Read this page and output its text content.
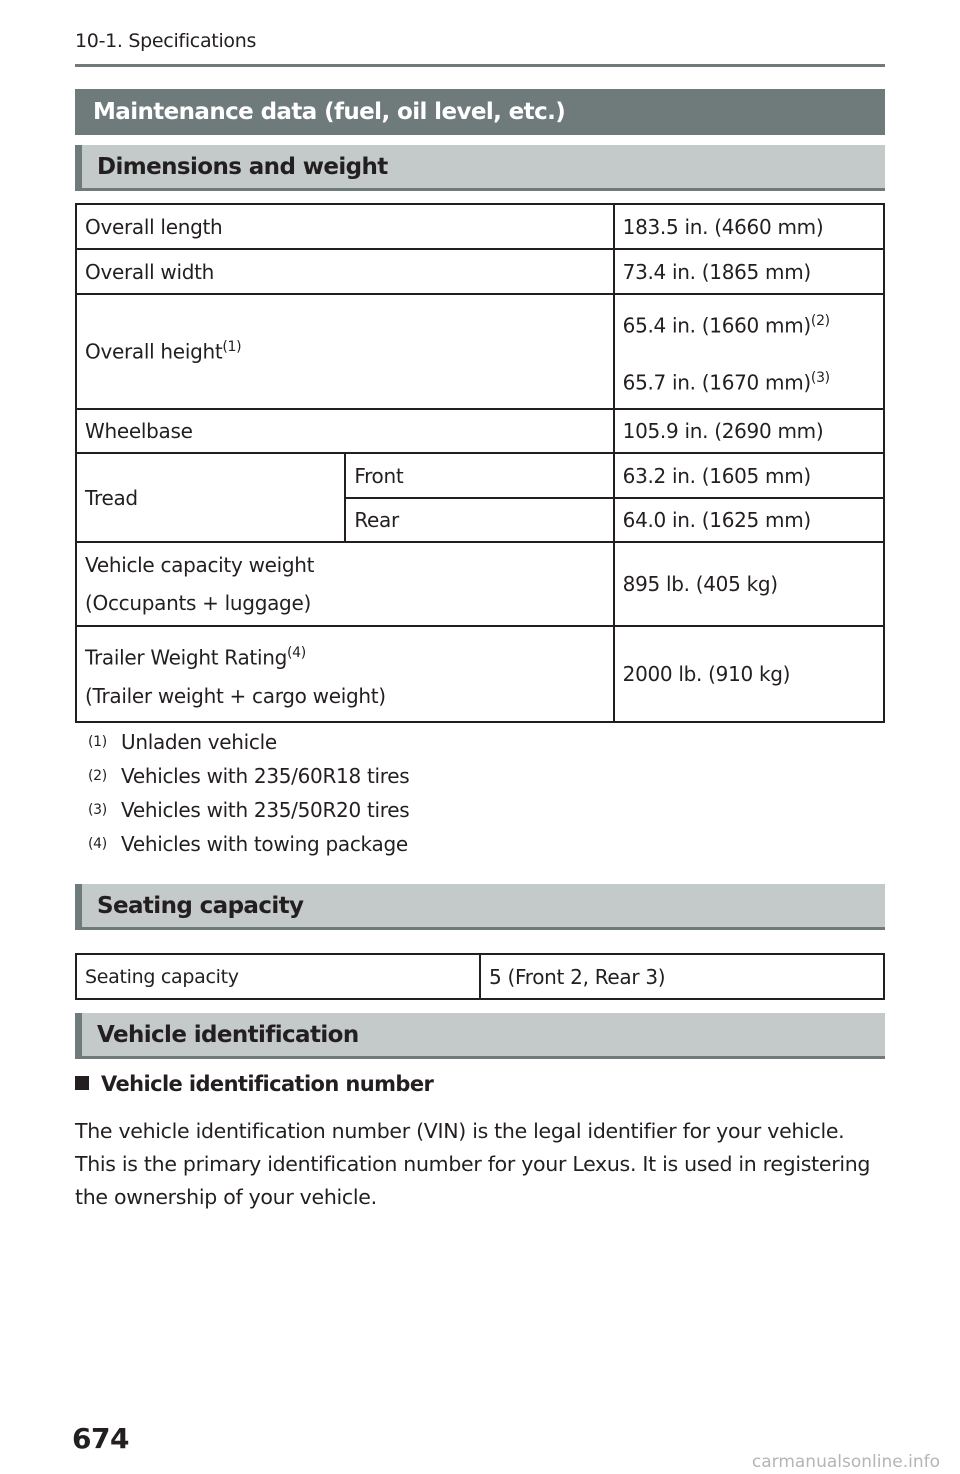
10-1. Specifications
Maintenance data (fuel, oil level, etc.)
Dimensions and weight
Overall length		183.5 in. (4660 mm)
Overall width		73.4 in. (1865 mm)
Overall height$^{(1)}$		65.4 in. (1660 mm)$^{(2)}$
65.7 in. (1670 mm)$^{(3)}$

Wheelbase		105.9 in. (2690 mm)
Tread	Front	63.2 in. (1605 mm)
	Rear	64.0 in. (1625 mm)

Vehicle capacity weight
(Occupants + luggage)		895 lb. (405 kg)

Trailer Weight Rating$^{(4)}$
(Trailer weight + cargo weight)		2000 lb. (910 kg)
(1) Unladen vehicle
(2) Vehicles with 235/60R18 tires
(3) Vehicles with 235/50R20 tires
(4) Vehicles with towing package
Seating capacity
Seating capacity	5 (Front 2, Rear 3)
Vehicle identification
Vehicle identification number
The vehicle identification number (VIN) is the legal identifier for your vehicle. This is the primary identification number for your Lexus. It is used in registering the ownership of your vehicle.
674
carmanualsonline.info
